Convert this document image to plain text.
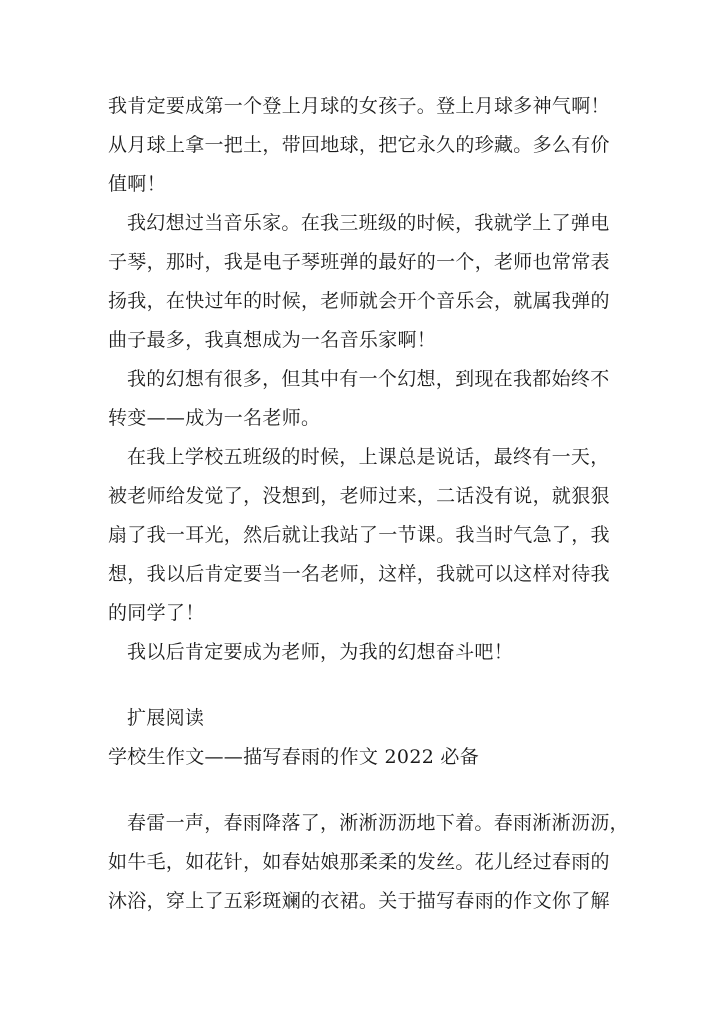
我肯定要成第一个登上月球的女孩子。登上月球多神气啊！
从月球上拿一把土，带回地球，把它永久的珍藏。多么有价
值啊！
我幻想过当音乐家。在我三班级的时候，我就学上了弹电
子琴，那时，我是电子琴班弹的最好的一个，老师也常常表
扬我，在快过年的时候，老师就会开个音乐会，就属我弹的
曲子最多，我真想成为一名音乐家啊！
我的幻想有很多，但其中有一个幻想，到现在我都始终不
转变——成为一名老师。
在我上学校五班级的时候，上课总是说话，最终有一天，
被老师给发觉了，没想到，老师过来，二话没有说，就狠狠
扇了我一耳光，然后就让我站了一节课。我当时气急了，我
想，我以后肯定要当一名老师，这样，我就可以这样对待我
的同学了！
我以后肯定要成为老师，为我的幻想奋斗吧！
扩展阅读
学校生作文——描写春雨的作文 2022 必备
春雷一声，春雨降落了，淅淅沥沥地下着。春雨淅淅沥沥，
如牛毛，如花针，如春姑娘那柔柔的发丝。花儿经过春雨的
沐浴，穿上了五彩斑斓的衣裙。关于描写春雨的作文你了解
